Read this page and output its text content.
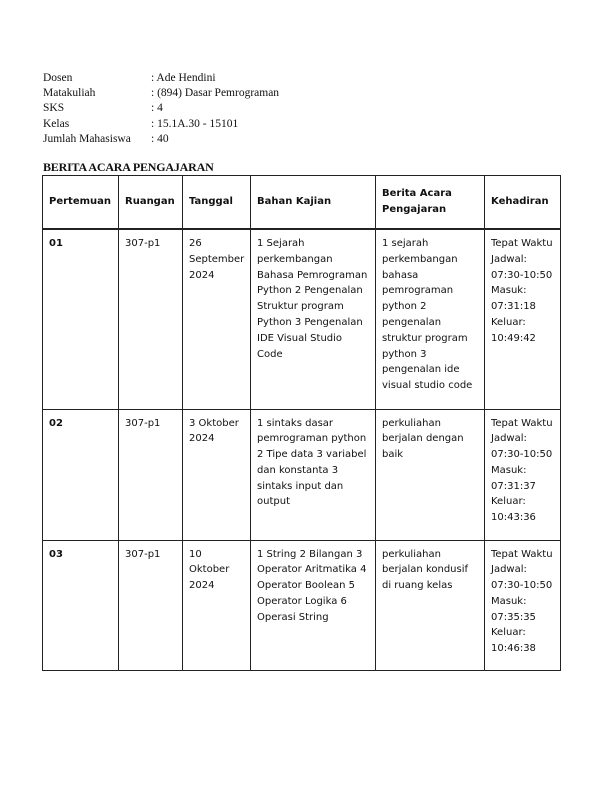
Dosen	: Ade Hendini
Matakuliah	: (894) Dasar Pemrograman
SKS	: 4
Kelas	: 15.1A.30 - 15101
Jumlah Mahasiswa : 40
BERITA ACARA PENGAJARAN
Pertemuan	Ruangan	Tanggal	Bahan Kajian	Berita Acara Pengajaran	Kehadiran
01	307-p1	26 September 2024	1 Sejarah perkembangan Bahasa Pemrograman Python 2 Pengenalan Struktur program Python 3 Pengenalan IDE Visual Studio Code	1 sejarah perkembangan bahasa pemrograman python 2 pengenalan struktur program python 3 pengenalan ide visual studio code	Tepat Waktu Jadwal: 07:30-10:50 Masuk: 07:31:18 Keluar: 10:49:42
02	307-p1	3 Oktober 2024	1 sintaks dasar pemrograman python 2 Tipe data 3 variabel dan konstanta 3 sintaks input dan output	perkuliahan berjalan dengan baik	Tepat Waktu Jadwal: 07:30-10:50 Masuk: 07:31:37 Keluar: 10:43:36
03	307-p1	10 Oktober 2024	1 String 2 Bilangan 3 Operator Aritmatika 4 Operator Boolean 5 Operator Logika 6 Operasi String	perkuliahan berjalan kondusif di ruang kelas	Tepat Waktu Jadwal: 07:30-10:50 Masuk: 07:35:35 Keluar: 10:46:38
